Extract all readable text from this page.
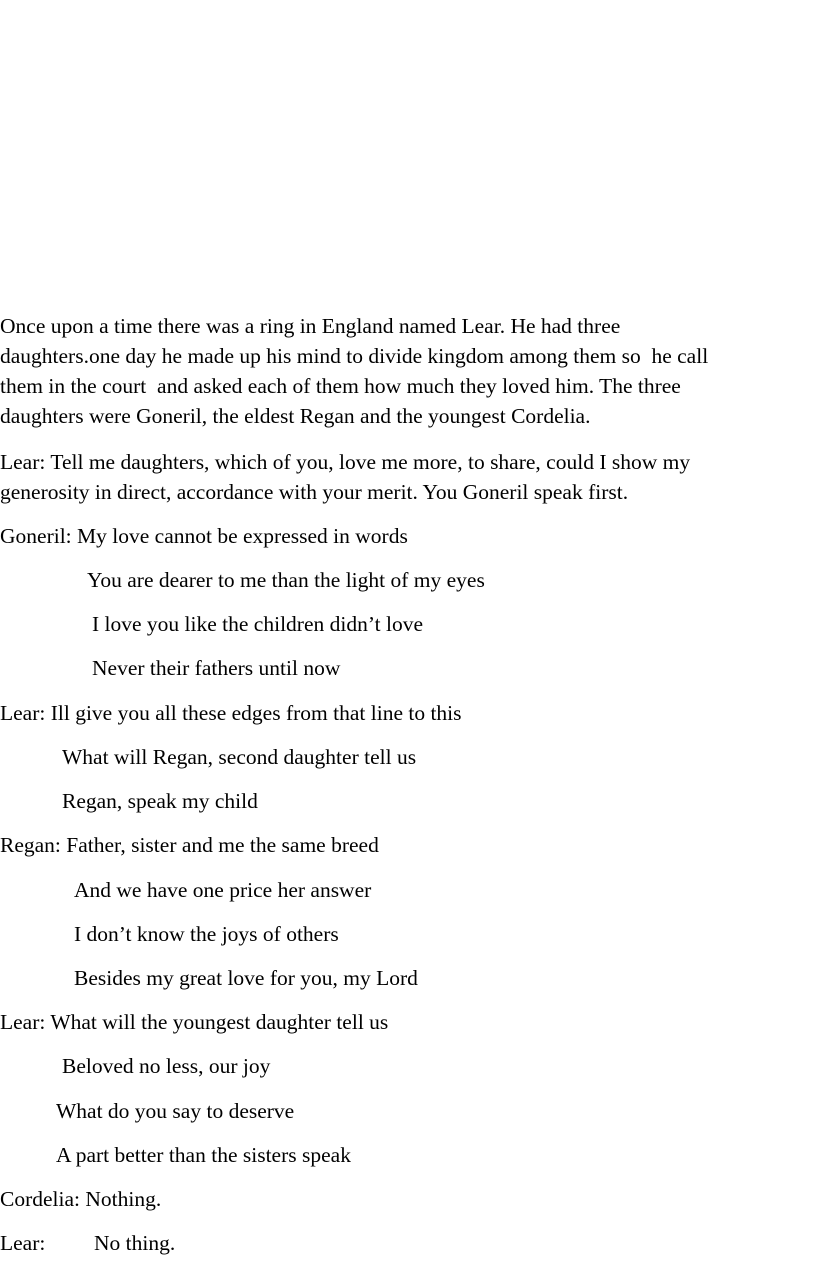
Once upon a time there was a ring in England named Lear. He had three
daughters.one day he made up his mind to divide kingdom among them so  he call
them in the court  and asked each of them how much they loved him. The three
daughters were Goneril, the eldest Regan and the youngest Cordelia.
Lear: Tell me daughters, which of you, love me more, to share, could I show my
generosity in direct, accordance with your merit. You Goneril speak first.
Goneril: My love cannot be expressed in words
You are dearer to me than the light of my eyes
I love you like the children didn’t love
Never their fathers until now
Lear: Ill give you all these edges from that line to this
What will Regan, second daughter tell us
Regan, speak my child
Regan: Father, sister and me the same breed
And we have one price her answer
I don’t know the joys of others
Besides my great love for you, my Lord
Lear: What will the youngest daughter tell us
Beloved no less, our joy
What do you say to deserve
A part better than the sisters speak
Cordelia: Nothing.
Lear: No thing.
